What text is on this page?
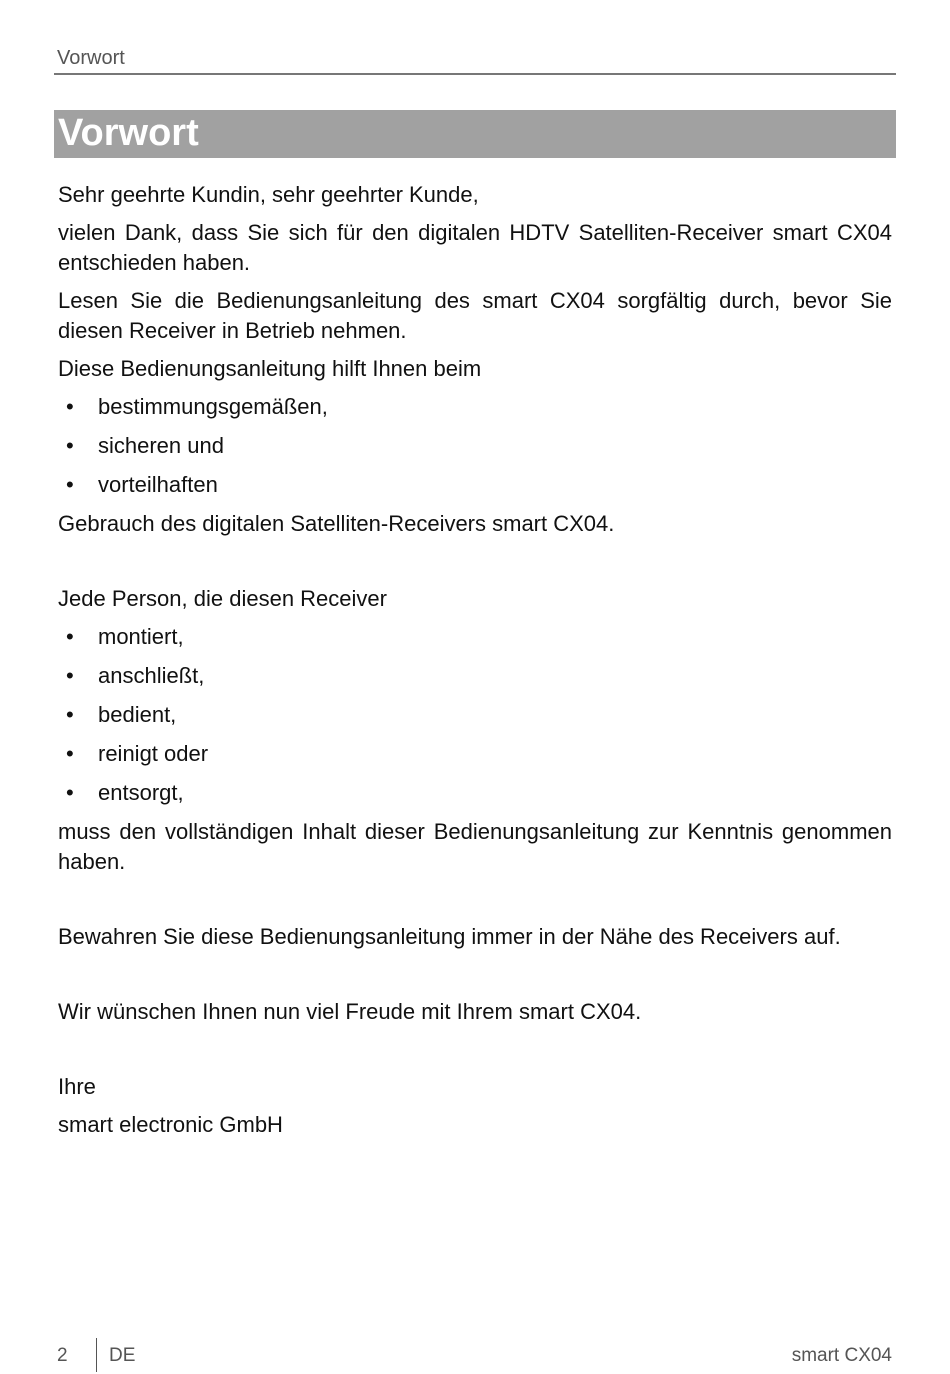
Vorwort
Vorwort

Sehr geehrte Kundin, sehr geehrter Kunde,

vielen Dank, dass Sie sich für den digitalen HDTV Satelliten-Receiver smart CX04 entschieden haben.

Lesen Sie die Bedienungsanleitung des smart CX04 sorgfältig durch, bevor Sie diesen Receiver in Betrieb nehmen.

Diese Bedienungsanleitung hilft Ihnen beim

• bestimmungsgemäßen,
• sicheren und
• vorteilhaften

Gebrauch des digitalen Satelliten-Receivers smart CX04.

Jede Person, die diesen Receiver

• montiert,
• anschließt,
• bedient,
• reinigt oder
• entsorgt,

muss den vollständigen Inhalt dieser Bedienungsanleitung zur Kenntnis genommen haben.

Bewahren Sie diese Bedienungsanleitung immer in der Nähe des Receivers auf.

Wir wünschen Ihnen nun viel Freude mit Ihrem smart CX04.

Ihre

smart electronic GmbH

2 DE	smart CX04
